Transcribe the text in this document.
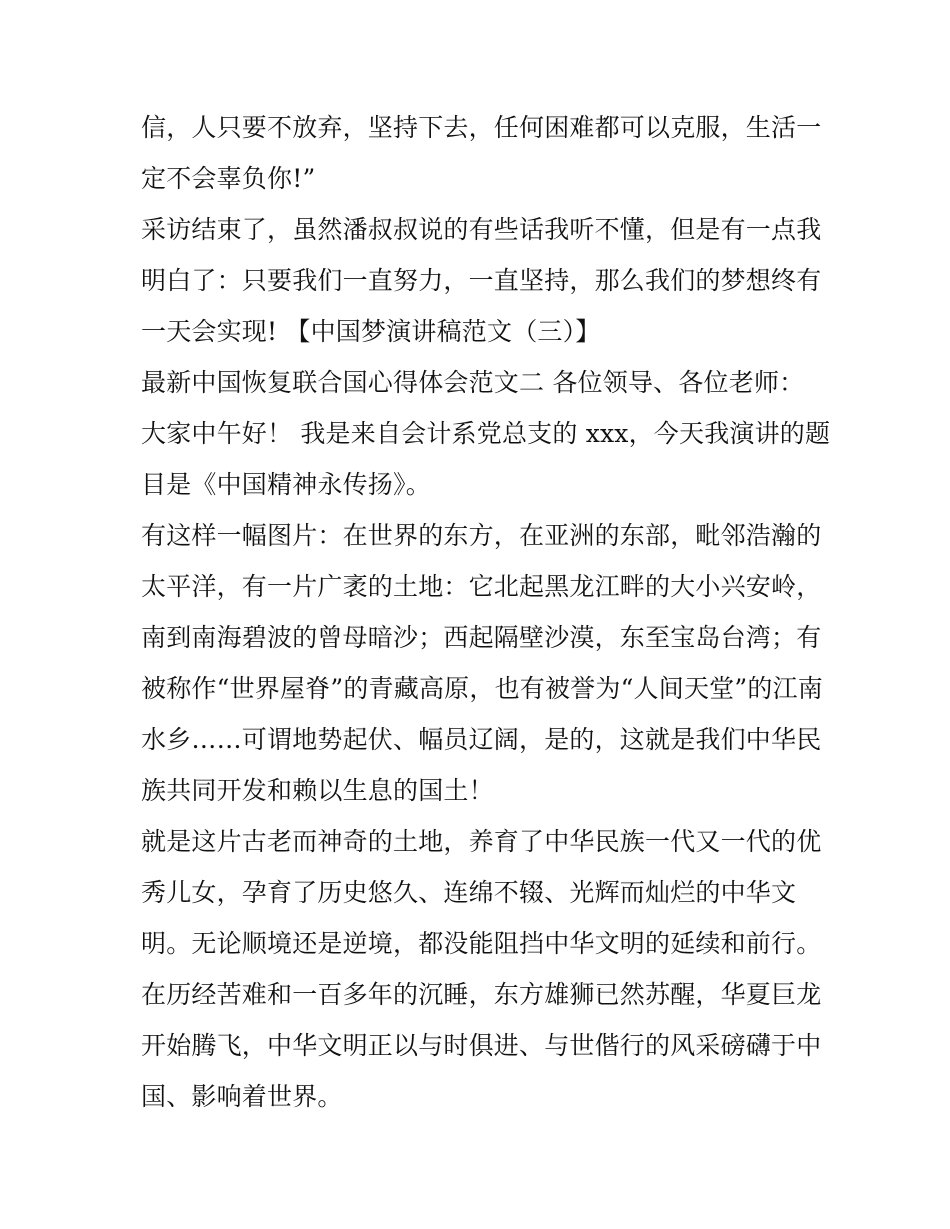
信，人只要不放弃，坚持下去，任何困难都可以克服，生活一
定不会辜负你!”
采访结束了，虽然潘叔叔说的有些话我听不懂，但是有一点我
明白了：只要我们一直努力，一直坚持，那么我们的梦想终有
一天会实现! 【中国梦演讲稿范文（三）】
最新中国恢复联合国心得体会范文二 各位领导、各位老师：
大家中午好！ 我是来自会计系党总支的 xxx，今天我演讲的题
目是《中国精神永传扬》。
有这样一幅图片：在世界的东方，在亚洲的东部，毗邻浩瀚的
太平洋，有一片广袤的土地：它北起黑龙江畔的大小兴安岭，
南到南海碧波的曾母暗沙；西起隔壁沙漠，东至宝岛台湾；有
被称作“世界屋脊”的青藏高原，也有被誉为“人间天堂”的江南
水乡……可谓地势起伏、幅员辽阔，是的，这就是我们中华民
族共同开发和赖以生息的国土！
就是这片古老而神奇的土地，养育了中华民族一代又一代的优
秀儿女，孕育了历史悠久、连绵不辍、光辉而灿烂的中华文
明。无论顺境还是逆境，都没能阻挡中华文明的延续和前行。
在历经苦难和一百多年的沉睡，东方雄狮已然苏醒，华夏巨龙
开始腾飞，中华文明正以与时俱进、与世偕行的风采磅礴于中
国、影响着世界。
